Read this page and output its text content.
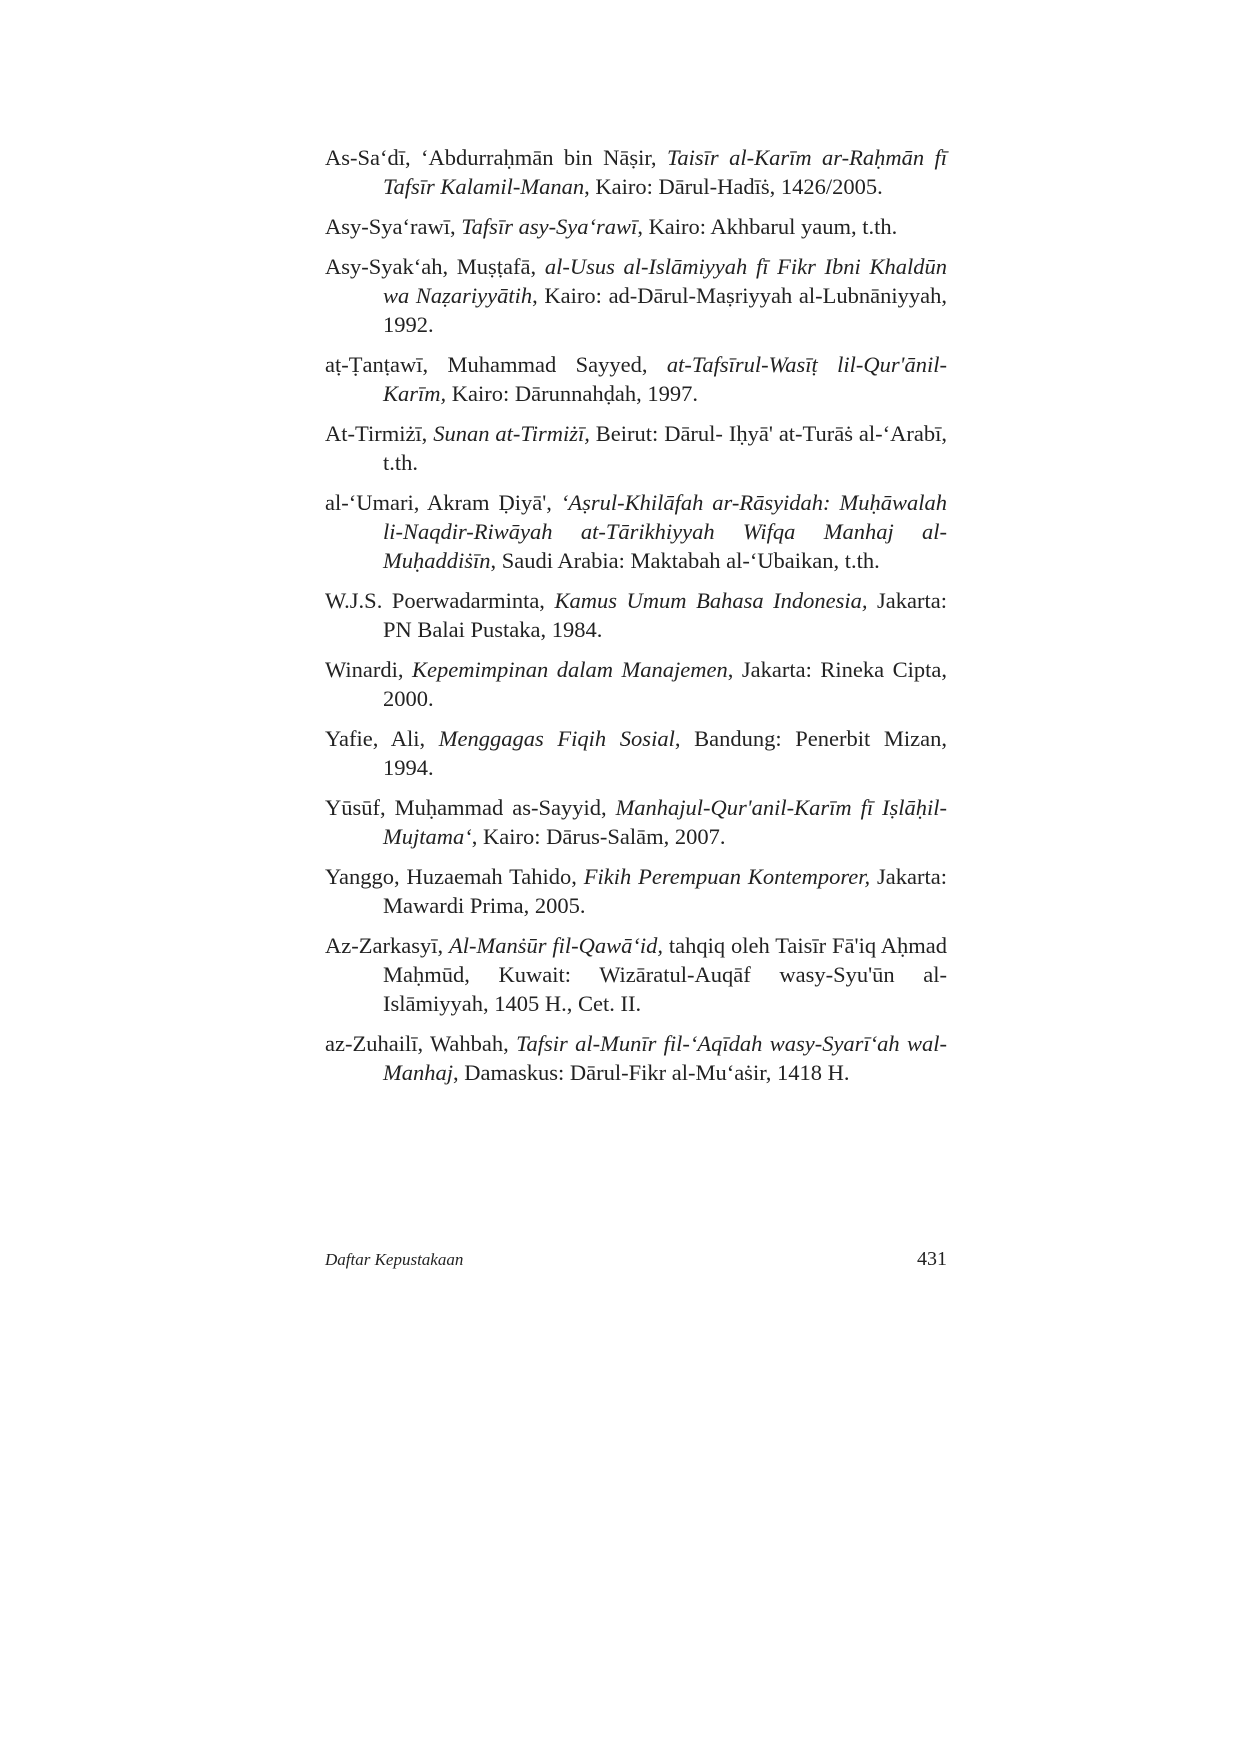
As-Sa‘dī, ‘Abdurraḥmān bin Nāṣir, Taisīr al-Karīm ar-Raḥmān fī Tafsīr Kalamil-Manan, Kairo: Dārul-Hadīṡ, 1426/2005.

Asy-Sya‘rawī, Tafsīr asy-Sya‘rawī, Kairo: Akhbarul yaum, t.th.

Asy-Syak‘ah, Muṣṭafā, al-Usus al-Islāmiyyah fī Fikr Ibni Khaldūn wa Naẓariyyātih, Kairo: ad-Dārul-Maṣriyyah al-Lubnāniyyah, 1992.

aṭ-Ṭanṭawī, Muhammad Sayyed, at-Tafsīrul-Wasīṭ lil-Qur'ānil-Karīm, Kairo: Dārunnahḍah, 1997.

At-Tirmiżī, Sunan at-Tirmiżī, Beirut: Dārul- Iḥyā' at-Turāṡ al-‘Arabī, t.th.

al-‘Umari, Akram Ḍiyā', ‘Aṣrul-Khilāfah ar-Rāsyidah: Muḥāwalah li-Naqdir-Riwāyah at-Tārikhiyyah Wifqa Manhaj al-Muḥaddiṡīn, Saudi Arabia: Maktabah al-‘Ubaikan, t.th.

W.J.S. Poerwadarminta, Kamus Umum Bahasa Indonesia, Jakarta: PN Balai Pustaka, 1984.

Winardi, Kepemimpinan dalam Manajemen, Jakarta: Rineka Cipta, 2000.

Yafie, Ali, Menggagas Fiqih Sosial, Bandung: Penerbit Mizan, 1994.

Yūsūf, Muḥammad as-Sayyid, Manhajul-Qur'anil-Karīm fī Iṣlāḥil-Mujtama‘, Kairo: Dārus-Salām, 2007.

Yanggo, Huzaemah Tahido, Fikih Perempuan Kontemporer, Jakarta: Mawardi Prima, 2005.

Az-Zarkasyī, Al-Manṡūr fil-Qawā‘id, tahqiq oleh Taisīr Fā'iq Aḥmad Maḥmūd, Kuwait: Wizāratul-Auqāf wasy-Syu'ūn al-Islāmiyyah, 1405 H., Cet. II.

az-Zuhailī, Wahbah, Tafsir al-Munīr fil-‘Aqīdah wasy-Syarī‘ah wal-Manhaj, Damaskus: Dārul-Fikr al-Mu‘aṡir, 1418 H.

Daftar Kepustakaan	431
